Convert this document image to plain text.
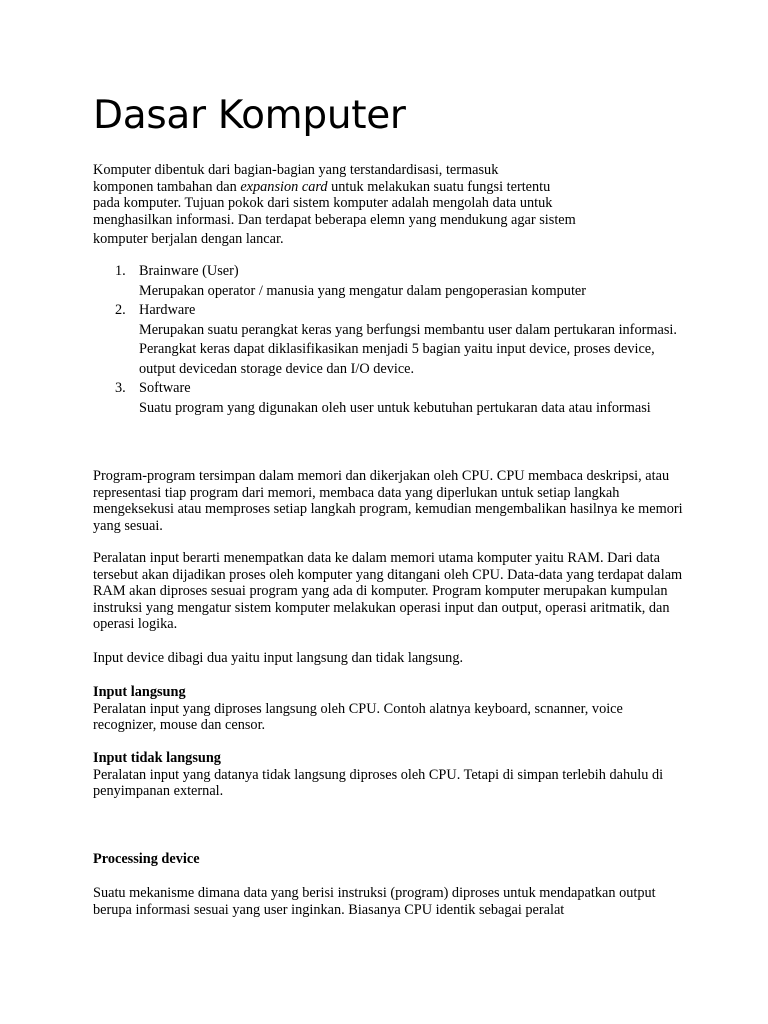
Dasar Komputer
Komputer dibentuk dari bagian-bagian yang terstandardisasi, termasuk
komponen tambahan dan expansion card untuk melakukan suatu fungsi tertentu
pada komputer. Tujuan pokok dari sistem komputer adalah mengolah data untuk
menghasilkan informasi. Dan terdapat beberapa elemn yang mendukung agar sistem
komputer berjalan dengan lancar.
1. Brainware (User)
Merupakan operator / manusia yang mengatur dalam pengoperasian komputer
2. Hardware
Merupakan suatu perangkat keras yang berfungsi membantu user dalam pertukaran informasi.
Perangkat keras dapat diklasifikasikan menjadi 5 bagian yaitu input device, proses device, output devicedan storage device dan I/O device.
3. Software
Suatu program yang digunakan oleh user untuk kebutuhan pertukaran data atau informasi

Program-program tersimpan dalam memori dan dikerjakan oleh CPU. CPU membaca deskripsi, atau representasi tiap program dari memori, membaca data yang diperlukan untuk setiap langkah mengeksekusi atau memproses setiap langkah program, kemudian mengembalikan hasilnya ke memori yang sesuai.

Peralatan input berarti menempatkan data ke dalam memori utama komputer yaitu RAM. Dari data tersebut akan dijadikan proses oleh komputer yang ditangani oleh CPU. Data-data yang terdapat dalam RAM akan diproses sesuai program yang ada di komputer. Program komputer merupakan kumpulan instruksi yang mengatur sistem komputer melakukan operasi input dan output, operasi aritmatik, dan operasi logika.

Input device dibagi dua yaitu input langsung dan tidak langsung.

Input langsung

Peralatan input yang diproses langsung oleh CPU. Contoh alatnya keyboard, scnanner, voice recognizer, mouse dan censor.

Input tidak langsung

Peralatan input yang datanya tidak langsung diproses oleh CPU. Tetapi di simpan terlebih dahulu di penyimpanan external.

Processing device

Suatu mekanisme dimana data yang berisi instruksi (program) diproses untuk mendapatkan output berupa informasi sesuai yang user inginkan. Biasanya CPU identik sebagai peralat
